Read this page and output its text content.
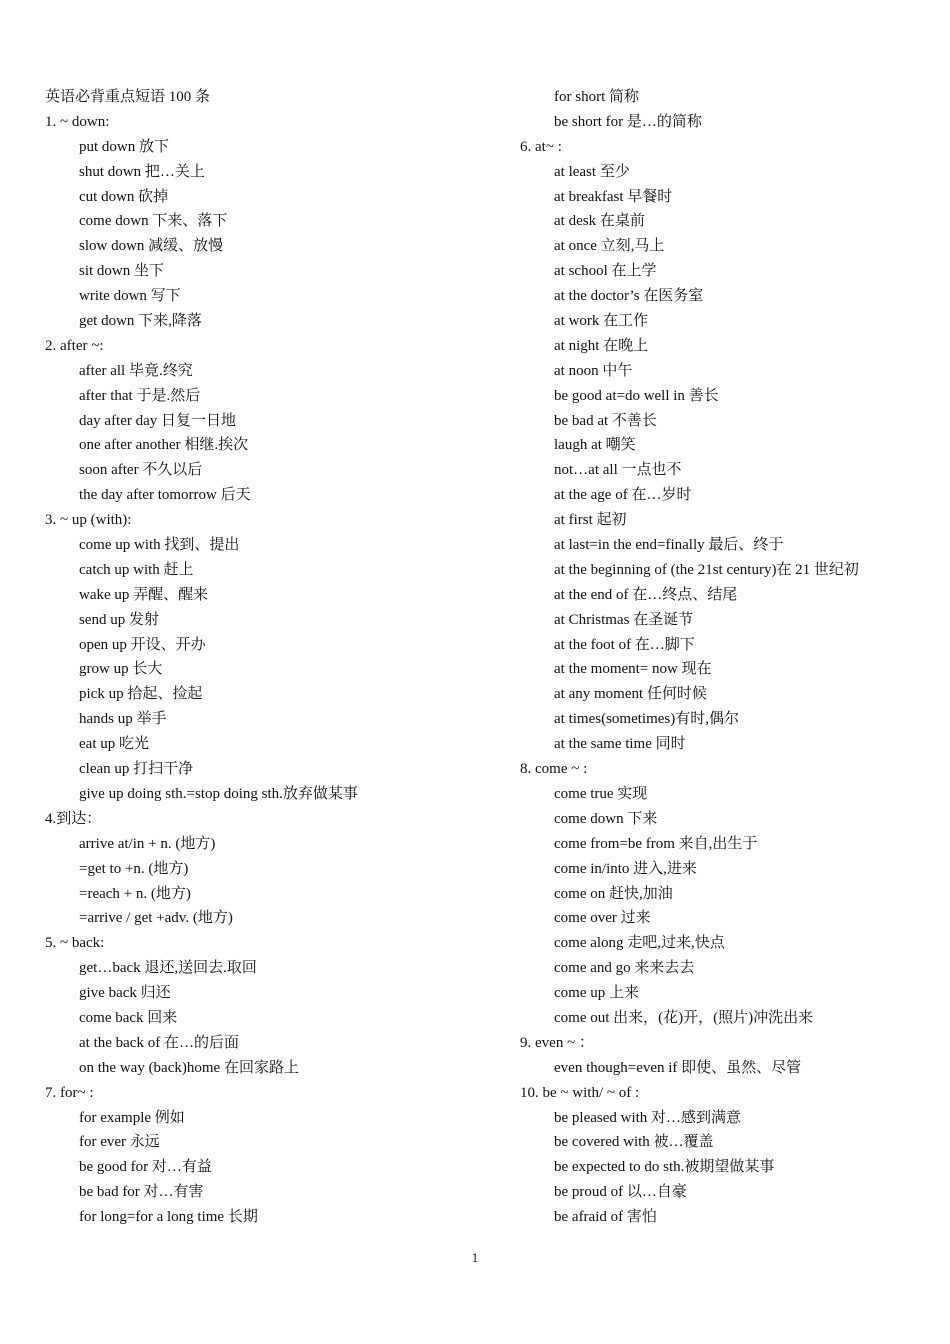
英语必背重点短语 100 条
1. ~ down:
put down 放下
shut down 把…关上
cut down 砍掉
come down 下来、落下
slow down 减缓、放慢
sit down 坐下
write down 写下
get down 下来,降落
2. after ~:
after all 毕竟.终究
after that 于是.然后
day after day 日复一日地
one after another 相继.挨次
soon after 不久以后
the day after tomorrow 后天
3. ~ up (with):
come up with 找到、提出
catch up with 赶上
wake up 弄醒、醒来
send up 发射
open up 开设、开办
grow up 长大
pick up 拾起、捡起
hands up 举手
eat up 吃光
clean up 打扫干净
give up doing sth.=stop doing sth.放弃做某事
4.到达：
arrive at/in + n. (地方)
=get to +n. (地方)
=reach + n. (地方)
=arrive / get +adv. (地方)
5. ~ back:
get…back 退还,送回去.取回
give back 归还
come back 回来
at the back of 在…的后面
on the way (back)home 在回家路上
7. for~ :
for example 例如
for ever 永远
be good for 对…有益
be bad for 对…有害
for long=for a long time 长期
for short 简称
be short for 是…的简称
6. at~ :
at least 至少
at breakfast 早餐时
at desk 在桌前
at once 立刻,马上
at school 在上学
at the doctor’s 在医务室
at work 在工作
at night 在晚上
at noon 中午
be good at=do well in 善长
be bad at 不善长
laugh at 嘲笑
not…at all 一点也不
at the age of 在…岁时
at first 起初
at last=in the end=finally 最后、终于
at the beginning of (the 21st century)在 21 世纪初
at the end of 在…终点、结尾
at Christmas 在圣诞节
at the foot of 在…脚下
at the moment= now 现在
at any moment 任何时候
at times(sometimes)有时,偶尔
at the same time 同时
8. come ~ :
come true 实现
come down 下来
come from=be from 来自,出生于
come in/into 进入,进来
come on 赶快,加油
come over 过来
come along 走吧,过来,快点
come and go 来来去去
come up 上来
come out 出来，(花)开，(照片)冲洗出来
9. even ~ ：
even though=even if 即使、虽然、尽管
10. be ~ with/ ~ of :
be pleased with 对…感到满意
be covered with 被…覆盖
be expected to do sth.被期望做某事
be proud of 以…自豪
be afraid of 害怕
1
